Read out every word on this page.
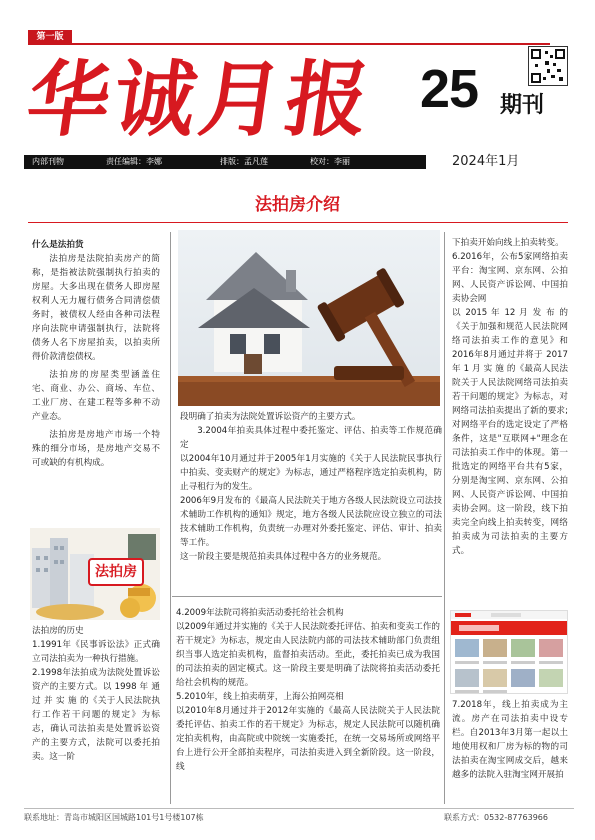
第一版
华诚月报 25 期刊
内部刊物	责任编辑：李娜	排版：孟凡莲	校对：李丽	2024年1月
法拍房介绍

什么是法拍货

法拍房是法院拍卖房产的简称，是指被法院强制执行拍卖的房屋。大多出现在债务人即房屋权利人无力履行债务合同清偿债务时，被债权人经由各种司法程序向法院申请强制执行，法院将债务人名下房屋拍卖，以拍卖所得价款清偿债权。

法拍房的房屋类型涵盖住宅、商业、办公、商场、车位、工业厂房、在建工程等多种不动产业态。

法拍房是房地产市场一个特殊的细分市场，是房地产交易不可或缺的有机构成。

法拍房

法拍房的历史

1.1991年《民事诉讼法》正式确立司法拍卖为一种执行措施。

2.1998年法拍成为法院处置诉讼资产的主要方式。以 1998 年 通 过 并 实 施 的《关于人民法院执行工作若干问题的规定》为标志，确认司法拍卖是处置诉讼资产的主要方式，法院可以委托拍卖。这一阶

段明确了拍卖为法院处置诉讼资产的主要方式。

3.2004年拍卖具体过程中委托鉴定、评估、拍卖等工作规范确定

以2004年10月通过并于2005年1月实施的《关于人民法院民事执行中拍卖、变卖财产的规定》为标志，通过严格程序选定拍卖机构，防止寻租行为的发生。

2006年9月发布的《最高人民法院关于地方各级人民法院设立司法技术辅助工作机构的通知》规定，地方各级人民法院应设立独立的司法技术辅助工作机构，负责统一办理对外委托鉴定、评估、审计、拍卖等工作。

这一阶段主要是规范拍卖具体过程中各方的业务规范。

4.2009年法院司将拍卖活动委托给社会机构

以2009年通过并实施的《关于人民法院委托评估、拍卖和变卖工作的若干规定》为标志，规定由人民法院内部的司法技术辅助部门负责组织当事人选定拍卖机构，监督拍卖活动。至此，委托拍卖已成为我国的司法拍卖的固定模式。这一阶段主要是明确了法院将拍卖活动委托给社会机构的规范。

5.2010年，线上拍卖萌芽，上海公拍网亮相

以2010年8月通过并于2012年实施的《最高人民法院关于人民法院委托评估、拍卖工作的若干规定》为标志，规定人民法院可以随机确定拍卖机构，由高院或中院统一实施委托，在统一交易场所或网络平台上进行公开全部拍卖程序，司法拍卖进入到全新阶段。这一阶段，线

下拍卖开始向线上拍卖转变。

6.2016年，公布5家网络拍卖平台：淘宝网、京东网、公拍网、人民资产诉讼网、中国拍卖协会网

以 2015 年 12 月 发 布 的《关于加强和规范人民法院网络司法拍卖工作的意见》和2016年8月通过并将于 2017 年 1 月 实 施 的《最高人民法院关于人民法院网络司法拍卖若干问题的规定》为标志，对网络司法拍卖提出了新的要求;对网络平台的选定设定了严格条件，这是"互联网+"理念在司法拍卖工作中的体现。第一批选定的网络平台共有5家，分别是淘宝网、京东网、公拍网、人民资产诉讼网、中国拍卖协会网。这一阶段，线下拍卖完全向线上拍卖转变，网络拍卖成为司法拍卖的主要方式。

7.2018年，线上拍卖成为主流。房产在司法拍卖中设专栏。自2013年3月第一起以土地使用权和厂房为标的物的司法拍卖在淘宝网成交后，越来越多的法院入驻淘宝网开展拍

联系地址：青岛市城阳区国城路101号1号楼107栋	联系方式：0532-87763966
